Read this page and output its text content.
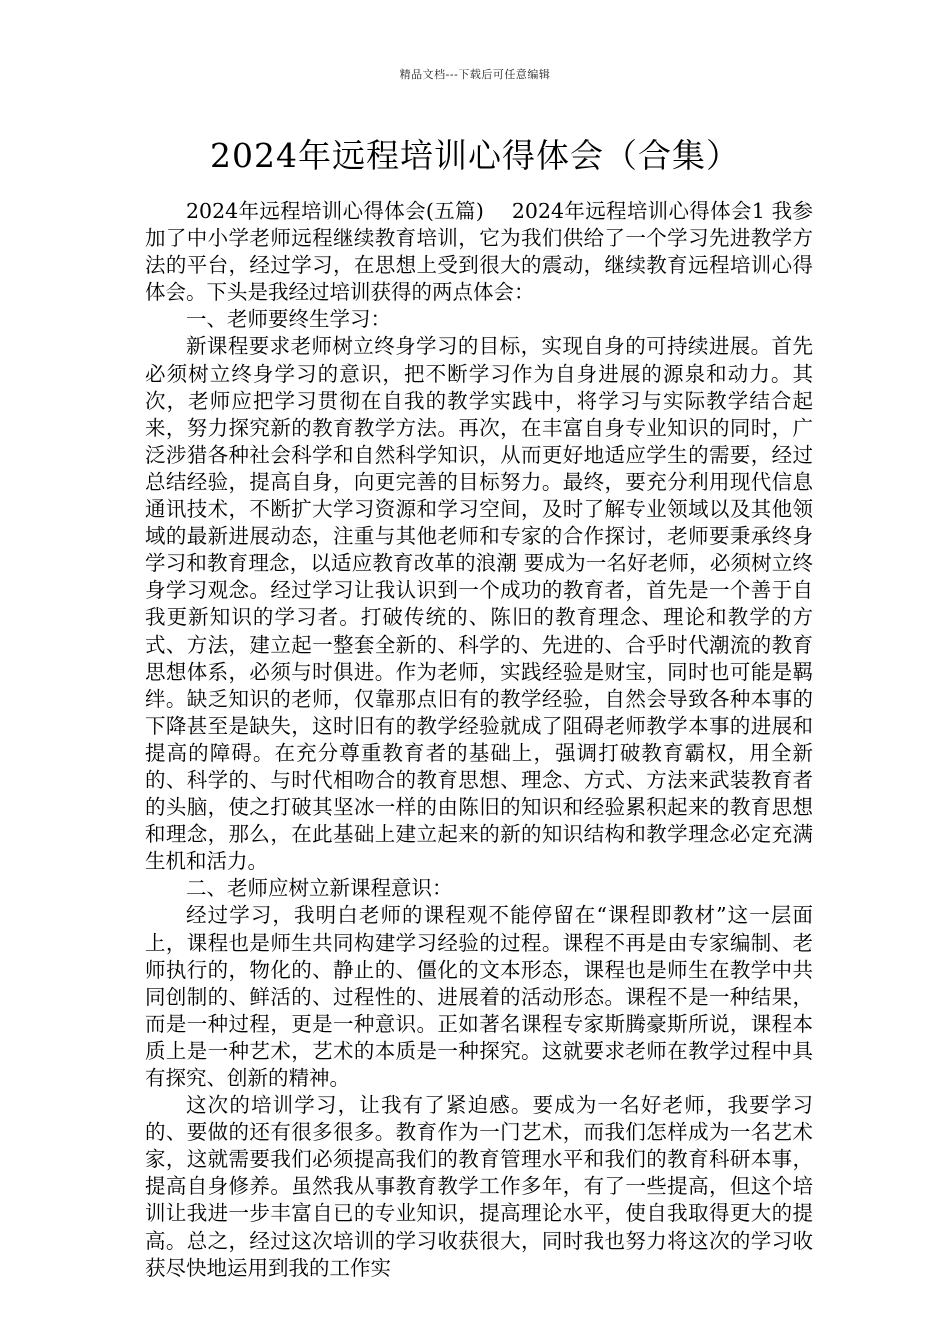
精品文档---下载后可任意编辑
2024年远程培训心得体会（合集）

2024年远程培训心得体会(五篇)　 2024年远程培训心得体会1 我参加了中小学老师远程继续教育培训，它为我们供给了一个学习先进教学方法的平台，经过学习，在思想上受到很大的震动，继续教育远程培训心得体会。下头是我经过培训获得的两点体会：

一、老师要终生学习：

新课程要求老师树立终身学习的目标，实现自身的可持续进展。首先必须树立终身学习的意识，把不断学习作为自身进展的源泉和动力。其次，老师应把学习贯彻在自我的教学实践中，将学习与实际教学结合起来，努力探究新的教育教学方法。再次，在丰富自身专业知识的同时，广泛涉猎各种社会科学和自然科学知识，从而更好地适应学生的需要，经过总结经验，提高自身，向更完善的目标努力。最终，要充分利用现代信息通讯技术，不断扩大学习资源和学习空间，及时了解专业领域以及其他领域的最新进展动态，注重与其他老师和专家的合作探讨，老师要秉承终身学习和教育理念，以适应教育改革的浪潮 要成为一名好老师，必须树立终身学习观念。经过学习让我认识到一个成功的教育者，首先是一个善于自我更新知识的学习者。打破传统的、陈旧的教育理念、理论和教学的方式、方法，建立起一整套全新的、科学的、先进的、合乎时代潮流的教育思想体系，必须与时俱进。作为老师，实践经验是财宝，同时也可能是羁绊。缺乏知识的老师，仅靠那点旧有的教学经验，自然会导致各种本事的下降甚至是缺失，这时旧有的教学经验就成了阻碍老师教学本事的进展和提高的障碍。在充分尊重教育者的基础上，强调打破教育霸权，用全新的、科学的、与时代相吻合的教育思想、理念、方式、方法来武装教育者的头脑，使之打破其坚冰一样的由陈旧的知识和经验累积起来的教育思想和理念，那么，在此基础上建立起来的新的知识结构和教学理念必定充满生机和活力。

二、老师应树立新课程意识：

经过学习，我明白老师的课程观不能停留在“课程即教材”这一层面上，课程也是师生共同构建学习经验的过程。课程不再是由专家编制、老师执行的，物化的、静止的、僵化的文本形态，课程也是师生在教学中共同创制的、鲜活的、过程性的、进展着的活动形态。课程不是一种结果，而是一种过程，更是一种意识。正如著名课程专家斯腾豪斯所说，课程本质上是一种艺术，艺术的本质是一种探究。这就要求老师在教学过程中具有探究、创新的精神。

这次的培训学习，让我有了紧迫感。要成为一名好老师，我要学习的、要做的还有很多很多。教育作为一门艺术，而我们怎样成为一名艺术家，这就需要我们必须提高我们的教育管理水平和我们的教育科研本事，提高自身修养。虽然我从事教育教学工作多年，有了一些提高，但这个培训让我进一步丰富自已的专业知识，提高理论水平，使自我取得更大的提高。总之，经过这次培训的学习收获很大，同时我也努力将这次的学习收获尽快地运用到我的工作实
